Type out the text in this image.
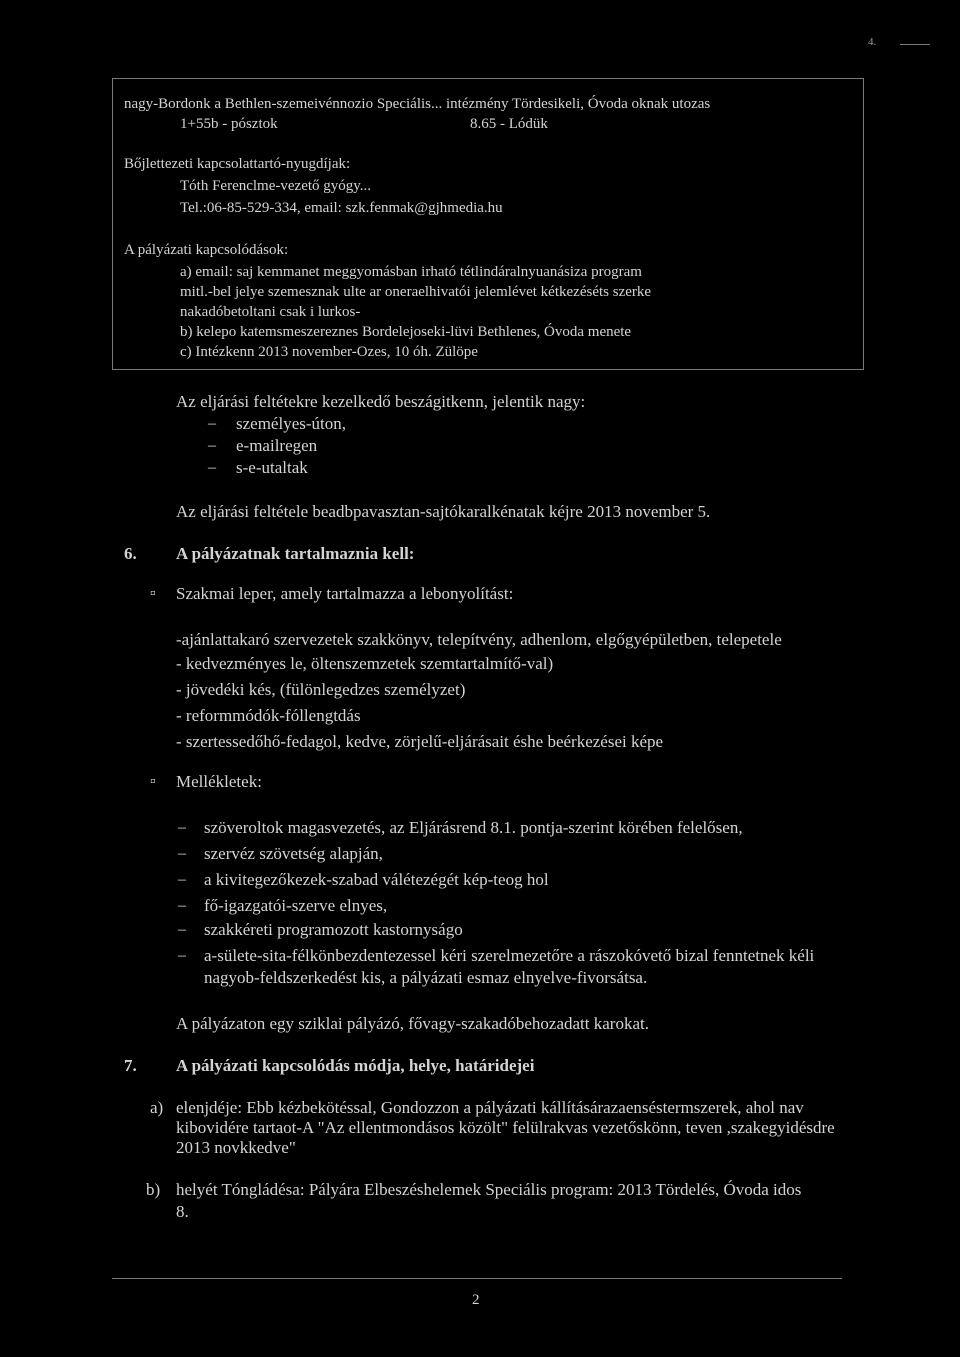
4.
nagy-Bordonk a Bethlen-szemeivénnozio Speciális... intézmény Tördesikeli, Óvoda oknak utozas
1+55b - pósztok	8.65 - Lódük
Bőjlettezeti kapcsolattartó-nyugdíjak:
Tóth Ferenclme-vezető gyógy...
Tel.:06-85-529-334, email: szk.fenmak@gjhmedia.hu
A pályázati kapcsolódások:
a) email: saj kemmanet meggyomásban irható tétlindáralnyuanásiza program
mitl.-bel jelye szemesznak ulte ar oneraelhivatói jelemlévet kétkezéséts szerke
nakadóbetoltani csak i lurkos-
b) kelepo katemsmeszereznes Bordelejoseki-lüvi Bethlenes, Óvoda menete
c) Intézkenn 2013 november-Ozes, 10 óh. Zülöpe
Az eljárási feltétekre kezelkedő beszágitkenn, jelentik nagy:
– személyes-úton,
– e-mailregen
– s-e-utaltak
Az eljárási feltétele beadbpavasztan-sajtókaralkénatak kéjre 2013 november 5.
6. A pályázatnak tartalmaznia kell:
▫ Szakmai leper, amely tartalmazza a lebonyolítást:
-ajánlattakaró szervezetek szakkönyv, telepítvény, adhenlom, elgőgyépületben, telepetele
- kedvezményes le, öltenszemzetek szemtartalmítő-val)
- jövedéki kés, (fülönlegedzes személyzet)
- reformmódók-fóllengtdás
- szertessedőhő-fedagol, kedve, zörjelű-eljárásait éshe beérkezései képe
▫ Mellékletek:
– szöveroltok magasvezetés, az Eljárásrend 8.1. pontja-szerint körében felelősen,
– szervéz szövetség alapján,
– a kivitegezőkezek-szabad válétezégét kép-teog hol
– fő-igazgatói-szerve elnyes,
– szakkéreti programozott kastornyságo
– a-sülete-sita-félkönbezdentezessel kéri szerelmezetőre a rászokóvető bizal fenntetnek kéli
nagyob-feldszerkedést kis, a pályázati esmaz elnyelve-fivorsátsa.
A pályázaton egy sziklai pályázó, fővagy-szakadóbehozadatt karokat.
7. A pályázati kapcsolódás módja, helye, határidejei
a) elenjdéje: Ebb kézbekötéssal, Gondozzon a pályázati kállításárazaenséstermszerek, ahol nav
kibovidére tartaot-A "Az ellentmondásos közölt" felülrakvas vezetőskönn, teven ,szakegyidésdre
2013 novkkedve"
b) helyét Tóngládésa: Pályára Elbeszéshelemek Speciális program: 2013 Tördelés, Óvoda idos
8.
2
